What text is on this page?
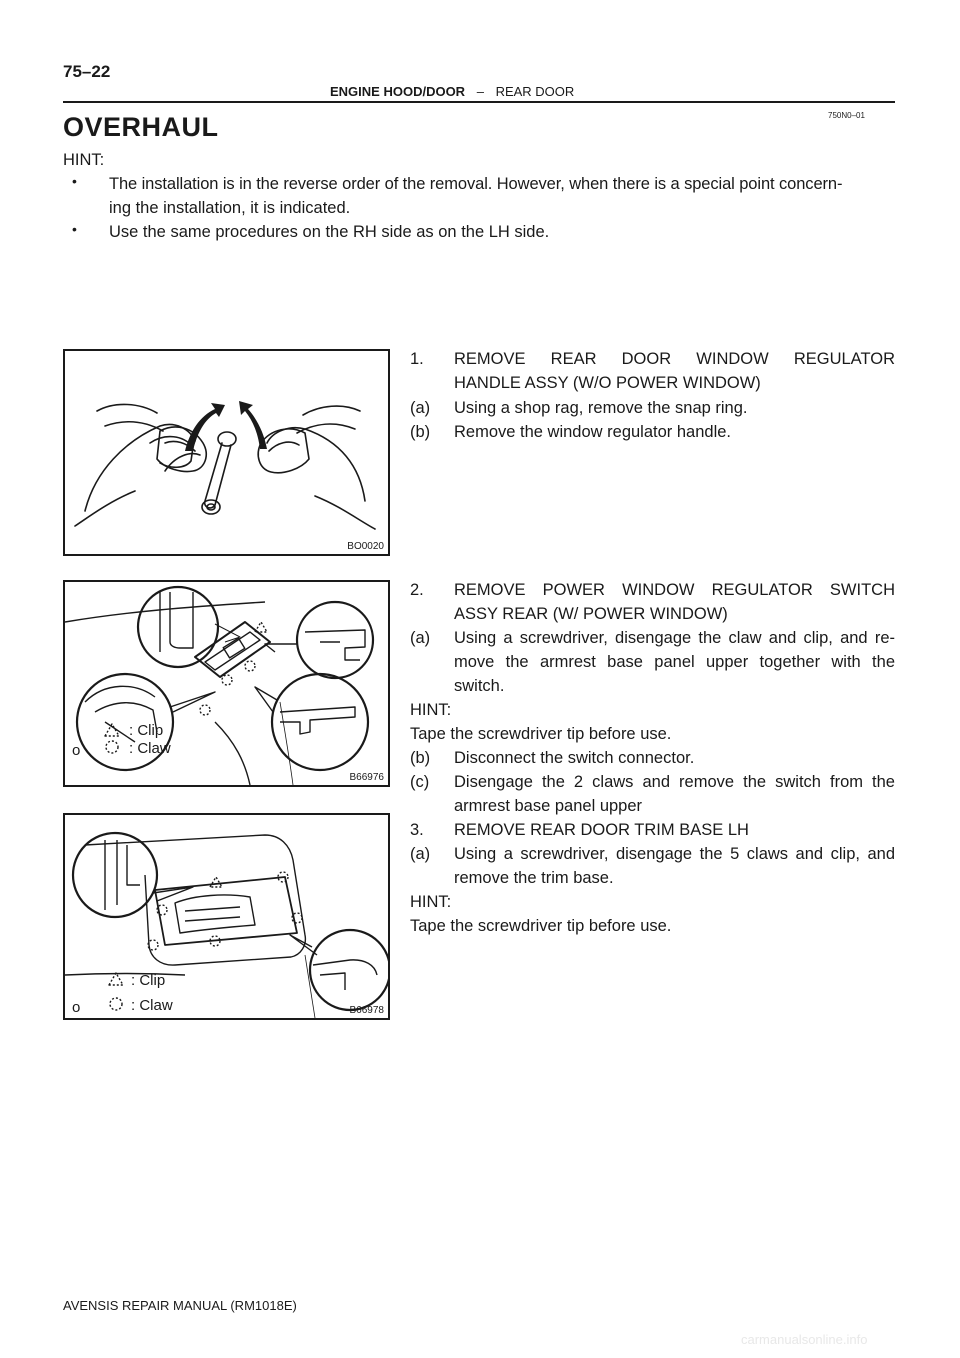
75–22
ENGINE HOOD/DOOR – REAR DOOR
750N0–01
OVERHAUL
HINT:
• The installation is in the reverse order of the removal. However, when there is a special point concern-
ing the installation, it is indicated.
• Use the same procedures on the RH side as on the LH side.
BO0020
1. REMOVE REAR DOOR WINDOW REGULATOR
HANDLE ASSY (W/O POWER WINDOW)
(a) Using a shop rag, remove the snap ring.
(b) Remove the window regulator handle.
: Clip
: Claw
o
B66976
2. REMOVE POWER WINDOW REGULATOR SWITCH
ASSY REAR (W/ POWER WINDOW)
(a) Using a screwdriver, disengage the claw and clip, and re-
move the armrest base panel upper together with the
switch.
HINT:
Tape the screwdriver tip before use.
(b) Disconnect the switch connector.
(c) Disengage the 2 claws and remove the switch from the
armrest base panel upper
: Clip
: Claw
o	B66978
3. REMOVE REAR DOOR TRIM BASE LH
(a) Using a screwdriver, disengage the 5 claws and clip, and
remove the trim base.
HINT:
Tape the screwdriver tip before use.
AVENSIS REPAIR MANUAL (RM1018E)
carmanualsonline.info
